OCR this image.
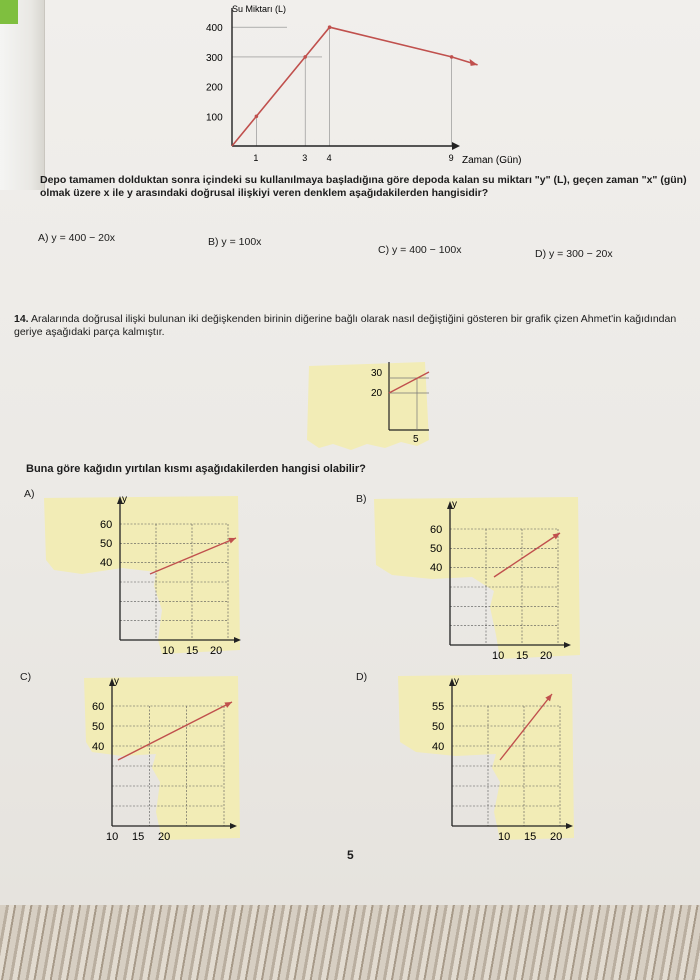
Su Miktarı (L)
Zaman (Gün)
400
300
200
100
1	3 4	9
Depo tamamen dolduktan sonra içindeki su kullanılmaya başladığına göre depoda kalan su miktarı "y" (L), geçen zaman "x" (gün) olmak üzere x ile y arasındaki doğrusal ilişkiyi veren denklem aşağıdakilerden hangisidir?
A) y = 400 − 20x	B) y = 100x
C) y = 400 − 100x	D) y = 300 − 20x
14. Aralarında doğrusal ilişki bulunan iki değişkenden birinin diğerine bağlı olarak nasıl değiştiğini gösteren bir grafik çizen Ahmet'in kağıdından geriye aşağıdaki parça kalmıştır.
30
20
5
Buna göre kağıdın yırtılan kısmı aşağıdakilerden hangisi olabilir?
A)	B)
C)	D)
y
60
50
40
10 15 20
y
60
50
40
10 15 20
y
60
50
40
10 15 20
y
55
50
40
10 15 20
5
